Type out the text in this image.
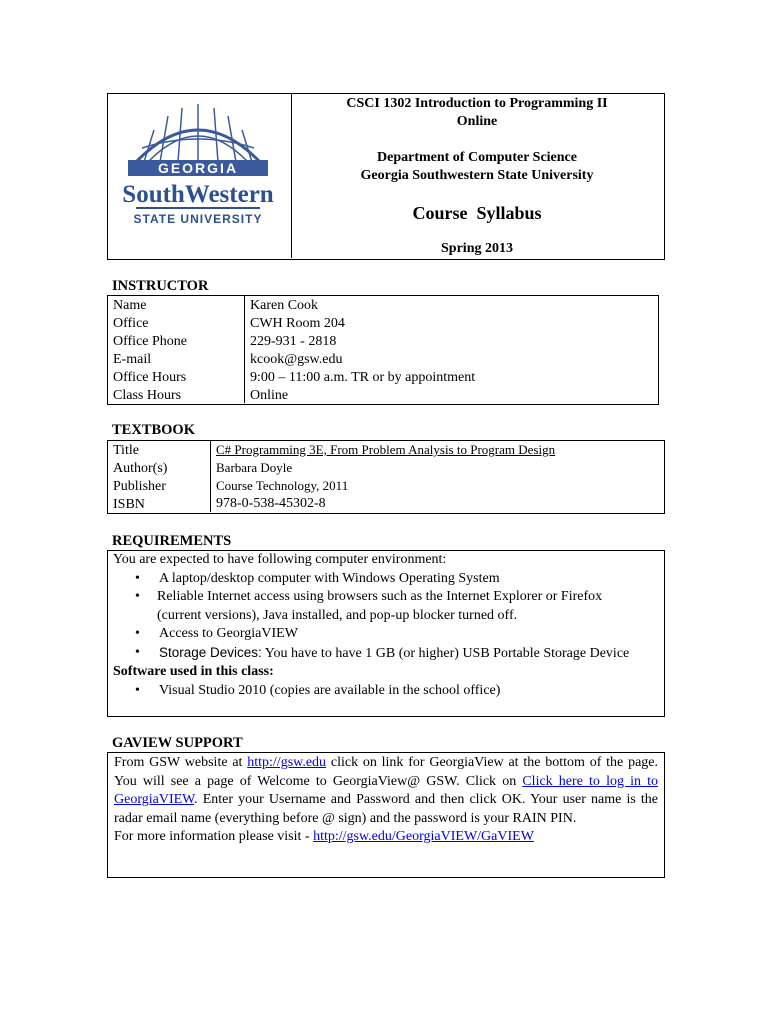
GEORGIA
SouthWestern
STATE UNIVERSITY
CSCI 1302 Introduction to Programming II
Online
Department of Computer Science
Georgia Southwestern State University
Course  Syllabus
Spring 2013
INSTRUCTOR
Name
Office
Office Phone
E-mail
Office Hours
Class Hours
Karen Cook
CWH Room 204
229-931 - 2818
kcook@gsw.edu
9:00 – 11:00 a.m. TR or by appointment
Online
TEXTBOOK
Title
Author(s)
Publisher
ISBN
C# Programming 3E, From Problem Analysis to Program Design
Barbara Doyle
Course Technology, 2011
978-0-538-45302-8
REQUIREMENTS
You are expected to have following computer environment:
• A laptop/desktop computer with Windows Operating System
• Reliable Internet access using browsers such as the Internet Explorer or Firefox (current versions), Java installed, and pop-up blocker turned off.
• Access to GeorgiaVIEW
• Storage Devices: You have to have 1 GB (or higher) USB Portable Storage Device
Software used in this class:
• Visual Studio 2010 (copies are available in the school office)
GAVIEW SUPPORT
From GSW website at http://gsw.edu click on link for GeorgiaView at the bottom of the page. You will see a page of Welcome to GeorgiaView@ GSW. Click on Click here to log in to GeorgiaVIEW. Enter your Username and Password and then click OK. Your user name is the radar email name (everything before @ sign) and the password is your RAIN PIN.
For more information please visit - http://gsw.edu/GeorgiaVIEW/GaVIEW
